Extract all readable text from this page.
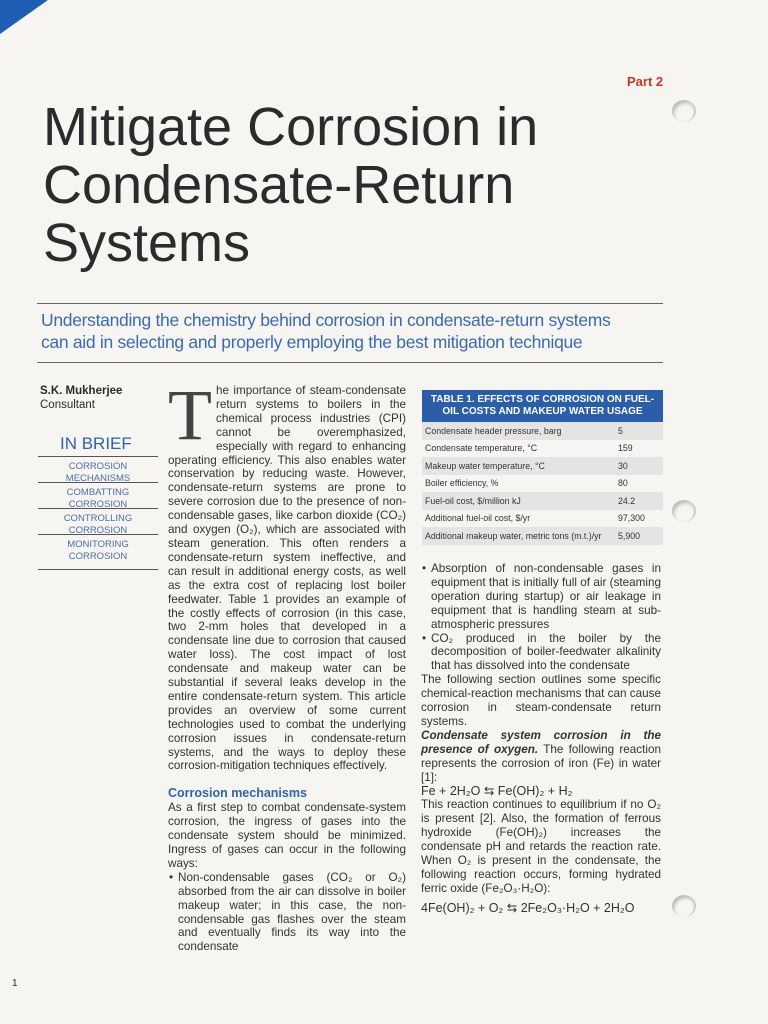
Part 2
Mitigate Corrosion in Condensate-Return Systems
Understanding the chemistry behind corrosion in condensate-return systems can aid in selecting and properly employing the best mitigation technique
S.K. Mukherjee
Consultant
IN BRIEF
CORROSION MECHANISMS
COMBATTING CORROSION
CONTROLLING CORROSION
MONITORING CORROSION

The importance of steam-condensate return systems to boilers in the chemical process industries (CPI) cannot be overemphasized, especially with regard to enhancing operating efficiency. This also enables water conservation by reducing waste. However, condensate-return systems are prone to severe corrosion due to the presence of non-condensable gases, like carbon dioxide (CO₂) and oxygen (O₂), which are associated with steam generation. This often renders a condensate-return system ineffective, and can result in additional energy costs, as well as the extra cost of replacing lost boiler feedwater. Table 1 provides an example of the costly effects of corrosion (in this case, two 2-mm holes that developed in a condensate line due to corrosion that caused water loss). The cost impact of lost condensate and makeup water can be substantial if several leaks develop in the entire condensate-return system. This article provides an overview of some current technologies used to combat the underlying corrosion issues in condensate-return systems, and the ways to deploy these corrosion-mitigation techniques effectively.

Corrosion mechanisms

As a first step to combat condensate-system corrosion, the ingress of gases into the condensate system should be minimized. Ingress of gases can occur in the following ways:

• Non-condensable gases (CO₂ or O₂) absorbed from the air can dissolve in boiler makeup water; in this case, the non-condensable gas flashes over the steam and eventually finds its way into the condensate
TABLE 1. EFFECTS OF CORROSION ON FUEL-OIL COSTS AND MAKEUP WATER USAGE
Condensate header pressure, barg	5
Condensate temperature, °C	159
Makeup water temperature, °C	30
Boiler efficiency, %	80
Fuel-oil cost, $/million kJ	24.2
Additional fuel-oil cost, $/yr	97,300
Additional makeup water, metric tons (m.t.)/yr	5,900
• Absorption of non-condensable gases in equipment that is initially full of air (steaming operation during startup) or air leakage in equipment that is handling steam at sub-atmospheric pressures
• CO₂ produced in the boiler by the decomposition of boiler-feedwater alkalinity that has dissolved into the condensate

The following section outlines some specific chemical-reaction mechanisms that can cause corrosion in steam-condensate return systems.

Condensate system corrosion in the presence of oxygen. The following reaction represents the corrosion of iron (Fe) in water [1]:

Fe + 2H₂O ⇆ Fe(OH)₂ + H₂

This reaction continues to equilibrium if no O₂ is present [2]. Also, the formation of ferrous hydroxide (Fe(OH)₂) increases the condensate pH and retards the reaction rate. When O₂ is present in the condensate, the following reaction occurs, forming hydrated ferric oxide (Fe₂O₃·H₂O):

4Fe(OH)₂ + O₂ ⇆ 2Fe₂O₃·H₂O + 2H₂O

1
